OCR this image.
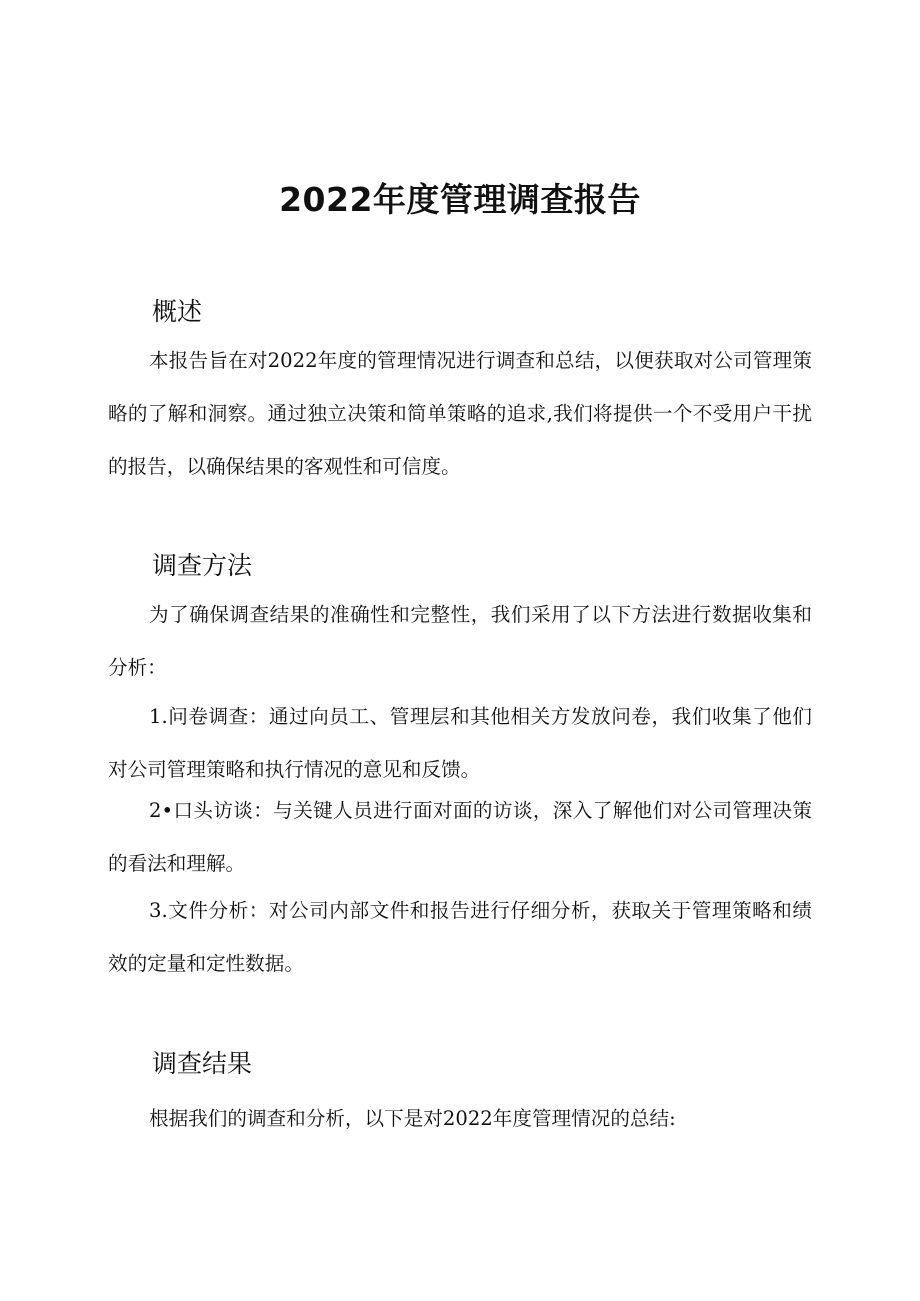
2022年度管理调查报告
概述

本报告旨在对2022年度的管理情况进行调查和总结，以便获取对公司管理策略的了解和洞察。通过独立决策和简单策略的追求,我们将提供一个不受用户干扰的报告，以确保结果的客观性和可信度。

调查方法

为了确保调查结果的准确性和完整性，我们采用了以下方法进行数据收集和分析：

1.问卷调查：通过向员工、管理层和其他相关方发放问卷，我们收集了他们对公司管理策略和执行情况的意见和反馈。

2•口头访谈：与关键人员进行面对面的访谈，深入了解他们对公司管理决策的看法和理解。

3.文件分析：对公司内部文件和报告进行仔细分析，获取关于管理策略和绩效的定量和定性数据。

调查结果

根据我们的调查和分析，以下是对2022年度管理情况的总结:
